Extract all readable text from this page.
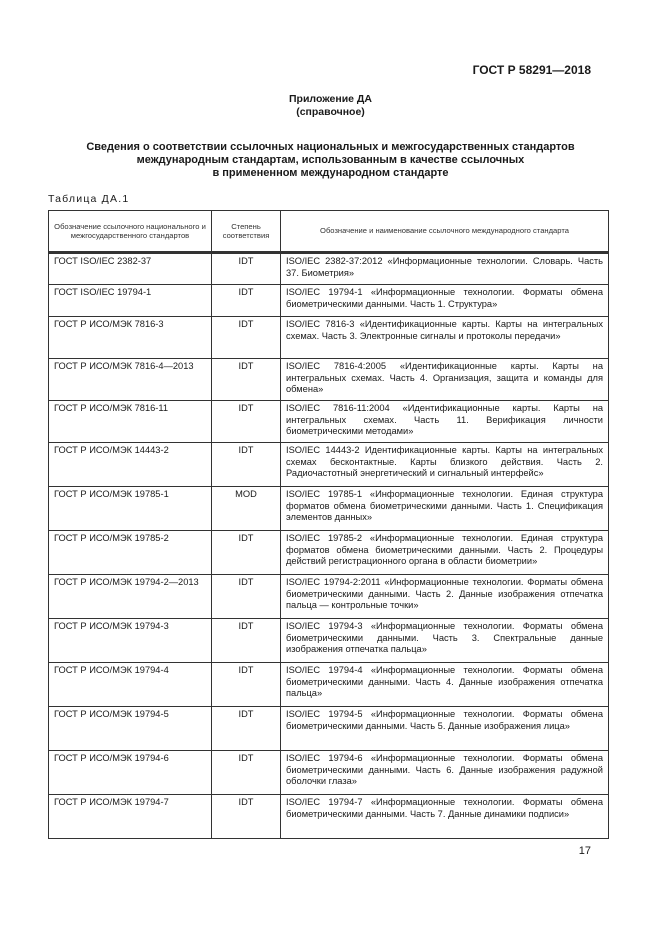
ГОСТ Р 58291—2018
Приложение ДА
(справочное)
Сведения о соответствии ссылочных национальных и межгосударственных стандартов
международным стандартам, использованным в качестве ссылочных
в примененном международном стандарте
Таблица ДА.1
Обозначение ссылочного национального и межгосударственного стандартов	Степень соответствия	Обозначение и наименование ссылочного международного стандарта
ГОСТ ISO/IEC 2382-37	IDT	ISO/IEC 2382-37:2012 «Информационные технологии. Словарь. Часть 37. Биометрия»
ГОСТ ISO/IEC 19794-1	IDT	ISO/IEC 19794-1 «Информационные технологии. Форматы обмена биометрическими данными. Часть 1. Структура»
ГОСТ Р ИСО/МЭК 7816-3	IDT	ISO/IEC 7816-3 «Идентификационные карты. Карты на интегральных схемах. Часть 3. Электронные сигналы и протоколы передачи»
ГОСТ Р ИСО/МЭК 7816-4—2013	IDT	ISO/IEC 7816-4:2005 «Идентификационные карты. Карты на интегральных схемах. Часть 4. Организация, защита и команды для обмена»
ГОСТ Р ИСО/МЭК 7816-11	IDT	ISO/IEC 7816-11:2004 «Идентификационные карты. Карты на интегральных схемах. Часть 11. Верификация личности биометрическими методами»
ГОСТ Р ИСО/МЭК 14443-2	IDT	ISO/IEC 14443-2 Идентификационные карты. Карты на интегральных схемах бесконтактные. Карты близкого действия. Часть 2. Радиочастотный энергетический и сигнальный интерфейс»
ГОСТ Р ИСО/МЭК 19785-1	MOD	ISO/IEC 19785-1 «Информационные технологии. Единая структура форматов обмена биометрическими данными. Часть 1. Спецификация элементов данных»
ГОСТ Р ИСО/МЭК 19785-2	IDT	ISO/IEC 19785-2 «Информационные технологии. Единая структура форматов обмена биометрическими данными. Часть 2. Процедуры действий регистрационного органа в области биометрии»
ГОСТ Р ИСО/МЭК 19794-2—2013	IDT	ISO/IEC 19794-2:2011 «Информационные технологии. Форматы обмена биометрическими данными. Часть 2. Данные изображения отпечатка пальца — контрольные точки»
ГОСТ Р ИСО/МЭК 19794-3	IDT	ISO/IEC 19794-3 «Информационные технологии. Форматы обмена биометрическими данными. Часть 3. Спектральные данные изображения отпечатка пальца»
ГОСТ Р ИСО/МЭК 19794-4	IDT	ISO/IEC 19794-4 «Информационные технологии. Форматы обмена биометрическими данными. Часть 4. Данные изображения отпечатка пальца»
ГОСТ Р ИСО/МЭК 19794-5	IDT	ISO/IEC 19794-5 «Информационные технологии. Форматы обмена биометрическими данными. Часть 5. Данные изображения лица»
ГОСТ Р ИСО/МЭК 19794-6	IDT	ISO/IEC 19794-6 «Информационные технологии. Форматы обмена биометрическими данными. Часть 6. Данные изображения радужной оболочки глаза»
ГОСТ Р ИСО/МЭК 19794-7	IDT	ISO/IEC 19794-7 «Информационные технологии. Форматы обмена биометрическими данными. Часть 7. Данные динамики подписи»
17
